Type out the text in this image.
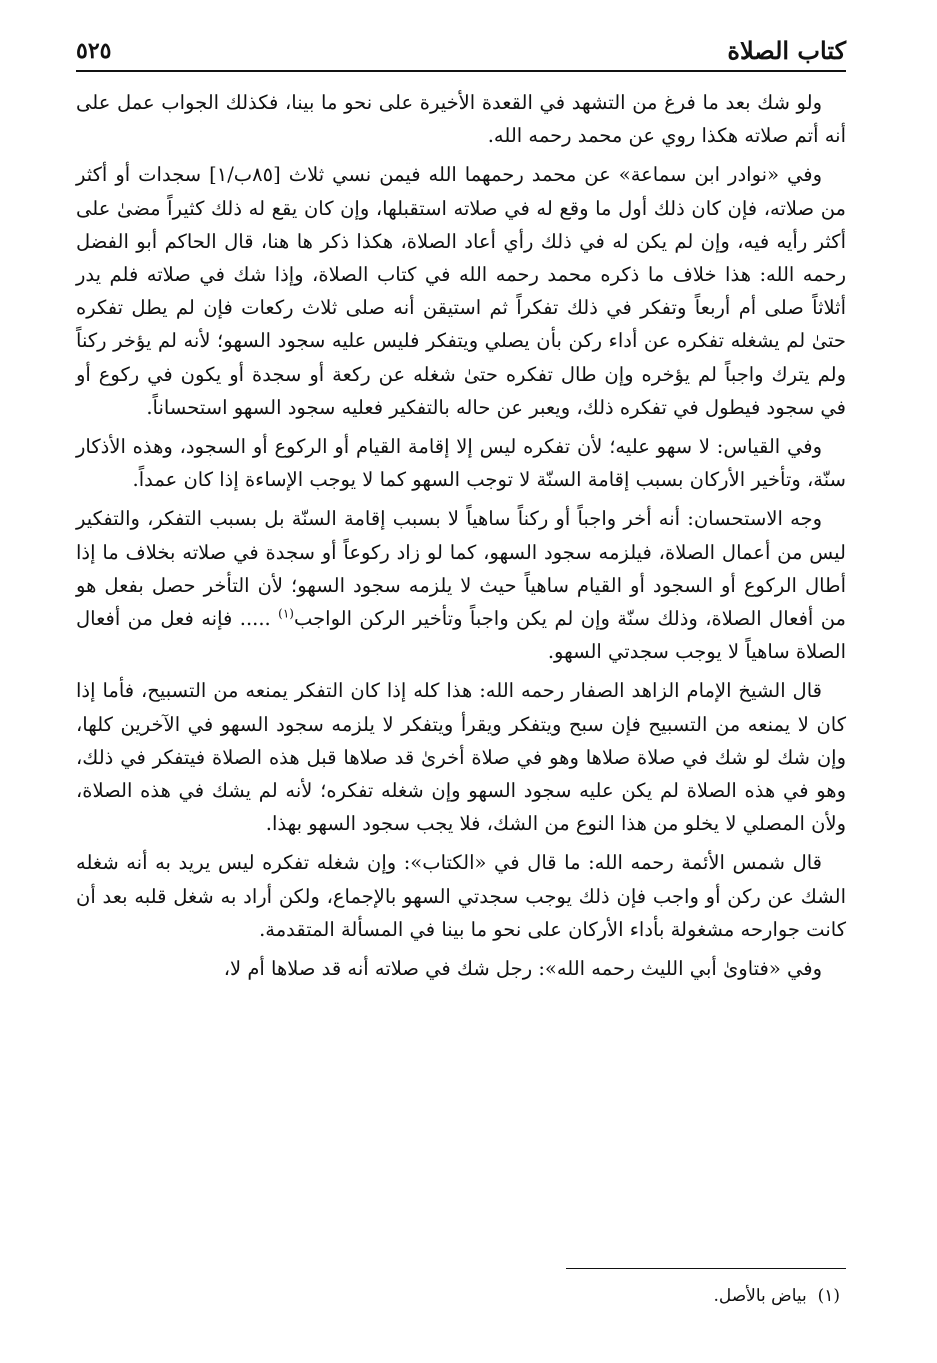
كتاب الصلاة
٥٢٥

ولو شك بعد ما فرغ من التشهد في القعدة الأخيرة على نحو ما بينا، فكذلك الجواب عمل على أنه أتم صلاته هكذا روي عن محمد رحمه الله.

وفي «نوادر ابن سماعة» عن محمد رحمهما الله فيمن نسي ثلاث [٨٥ب/١] سجدات أو أكثر من صلاته، فإن كان ذلك أول ما وقع له في صلاته استقبلها، وإن كان يقع له ذلك كثيراً مضىٰ على أكثر رأيه فيه، وإن لم يكن له في ذلك رأي أعاد الصلاة، هكذا ذكر ها هنا، قال الحاكم أبو الفضل رحمه الله: هذا خلاف ما ذكره محمد رحمه الله في كتاب الصلاة، وإذا شك في صلاته فلم يدر أثلاثاً صلى أم أربعاً وتفكر في ذلك تفكراً ثم استيقن أنه صلى ثلاث ركعات فإن لم يطل تفكره حتىٰ لم يشغله تفكره عن أداء ركن بأن يصلي ويتفكر فليس عليه سجود السهو؛ لأنه لم يؤخر ركناً ولم يترك واجباً لم يؤخره وإن طال تفكره حتىٰ شغله عن ركعة أو سجدة أو يكون في ركوع أو في سجود فيطول في تفكره ذلك، ويعبر عن حاله بالتفكير فعليه سجود السهو استحساناً.

وفي القياس: لا سهو عليه؛ لأن تفكره ليس إلا إقامة القيام أو الركوع أو السجود، وهذه الأذكار سنّة، وتأخير الأركان بسبب إقامة السنّة لا توجب السهو كما لا يوجب الإساءة إذا كان عمداً.

وجه الاستحسان: أنه أخر واجباً أو ركناً ساهياً لا بسبب إقامة السنّة بل بسبب التفكر، والتفكير ليس من أعمال الصلاة، فيلزمه سجود السهو، كما لو زاد ركوعاً أو سجدة في صلاته بخلاف ما إذا أطال الركوع أو السجود أو القيام ساهياً حيث لا يلزمه سجود السهو؛ لأن التأخر حصل بفعل هو من أفعال الصلاة، وذلك سنّة وإن لم يكن واجباً وتأخير الركن الواجب$^{(١)}$ ..... فإنه فعل من أفعال الصلاة ساهياً لا يوجب سجدتي السهو.

قال الشيخ الإمام الزاهد الصفار رحمه الله: هذا كله إذا كان التفكر يمنعه من التسبيح، فأما إذا كان لا يمنعه من التسبيح فإن سبح ويتفكر ويقرأ ويتفكر لا يلزمه سجود السهو في الآخرين كلها، وإن شك لو شك في صلاة صلاها وهو في صلاة أخرىٰ قد صلاها قبل هذه الصلاة فيتفكر في ذلك، وهو في هذه الصلاة لم يكن عليه سجود السهو وإن شغله تفكره؛ لأنه لم يشك في هذه الصلاة، ولأن المصلي لا يخلو من هذا النوع من الشك، فلا يجب سجود السهو بهذا.

قال شمس الأئمة رحمه الله: ما قال في «الكتاب»: وإن شغله تفكره ليس يريد به أنه شغله الشك عن ركن أو واجب فإن ذلك يوجب سجدتي السهو بالإجماع، ولكن أراد به شغل قلبه بعد أن كانت جوارحه مشغولة بأداء الأركان على نحو ما بينا في المسألة المتقدمة.

وفي «فتاوىٰ أبي الليث رحمه الله»: رجل شك في صلاته أنه قد صلاها أم لا،

(١)  بياض بالأصل.
